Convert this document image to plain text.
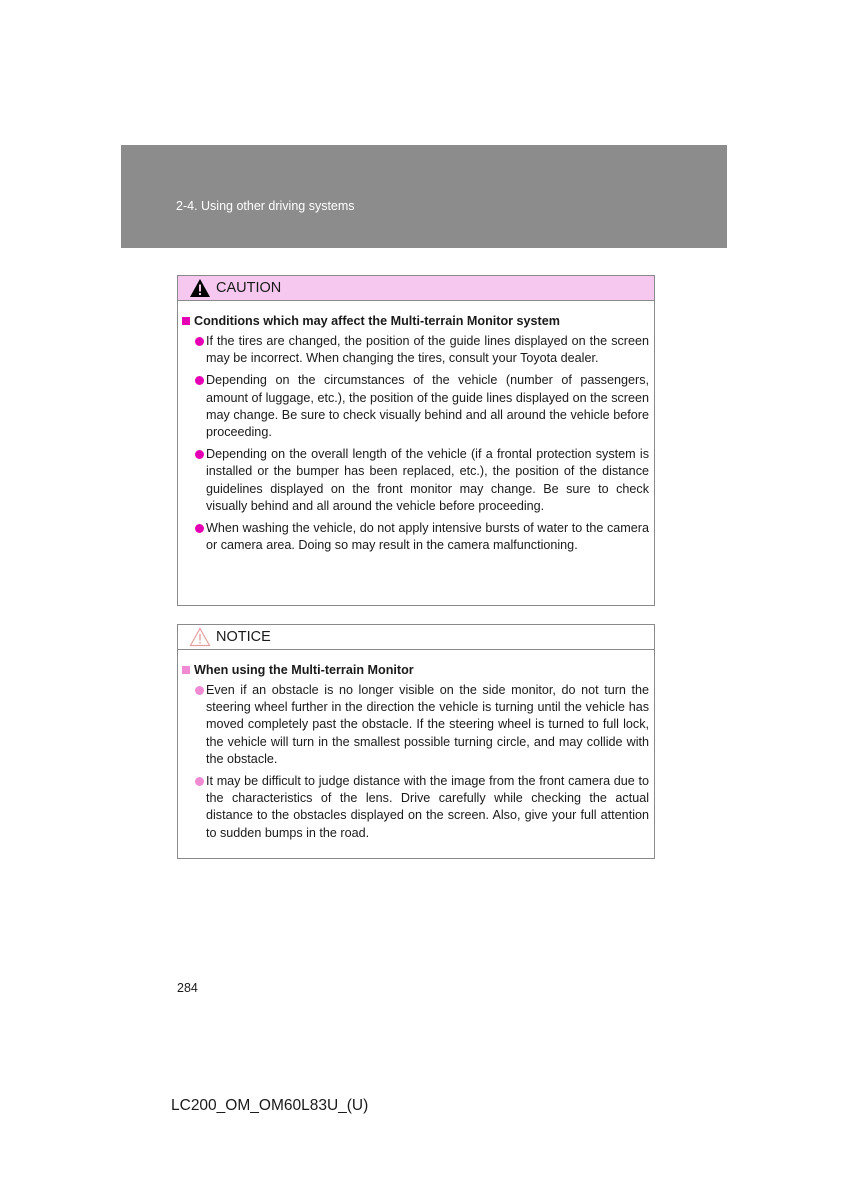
2-4. Using other driving systems
CAUTION
Conditions which may affect the Multi-terrain Monitor system
If the tires are changed, the position of the guide lines displayed on the screen may be incorrect. When changing the tires, consult your Toyota dealer.
Depending on the circumstances of the vehicle (number of passengers, amount of luggage, etc.), the position of the guide lines displayed on the screen may change. Be sure to check visually behind and all around the vehicle before proceeding.
Depending on the overall length of the vehicle (if a frontal protection system is installed or the bumper has been replaced, etc.), the position of the distance guidelines displayed on the front monitor may change. Be sure to check visually behind and all around the vehicle before proceeding.
When washing the vehicle, do not apply intensive bursts of water to the camera or camera area. Doing so may result in the camera malfunctioning.
NOTICE
When using the Multi-terrain Monitor
Even if an obstacle is no longer visible on the side monitor, do not turn the steering wheel further in the direction the vehicle is turning until the vehicle has moved completely past the obstacle. If the steering wheel is turned to full lock, the vehicle will turn in the smallest possible turning circle, and may collide with the obstacle.
It may be difficult to judge distance with the image from the front camera due to the characteristics of the lens. Drive carefully while checking the actual distance to the obstacles displayed on the screen. Also, give your full attention to sudden bumps in the road.
284
LC200_OM_OM60L83U_(U)
